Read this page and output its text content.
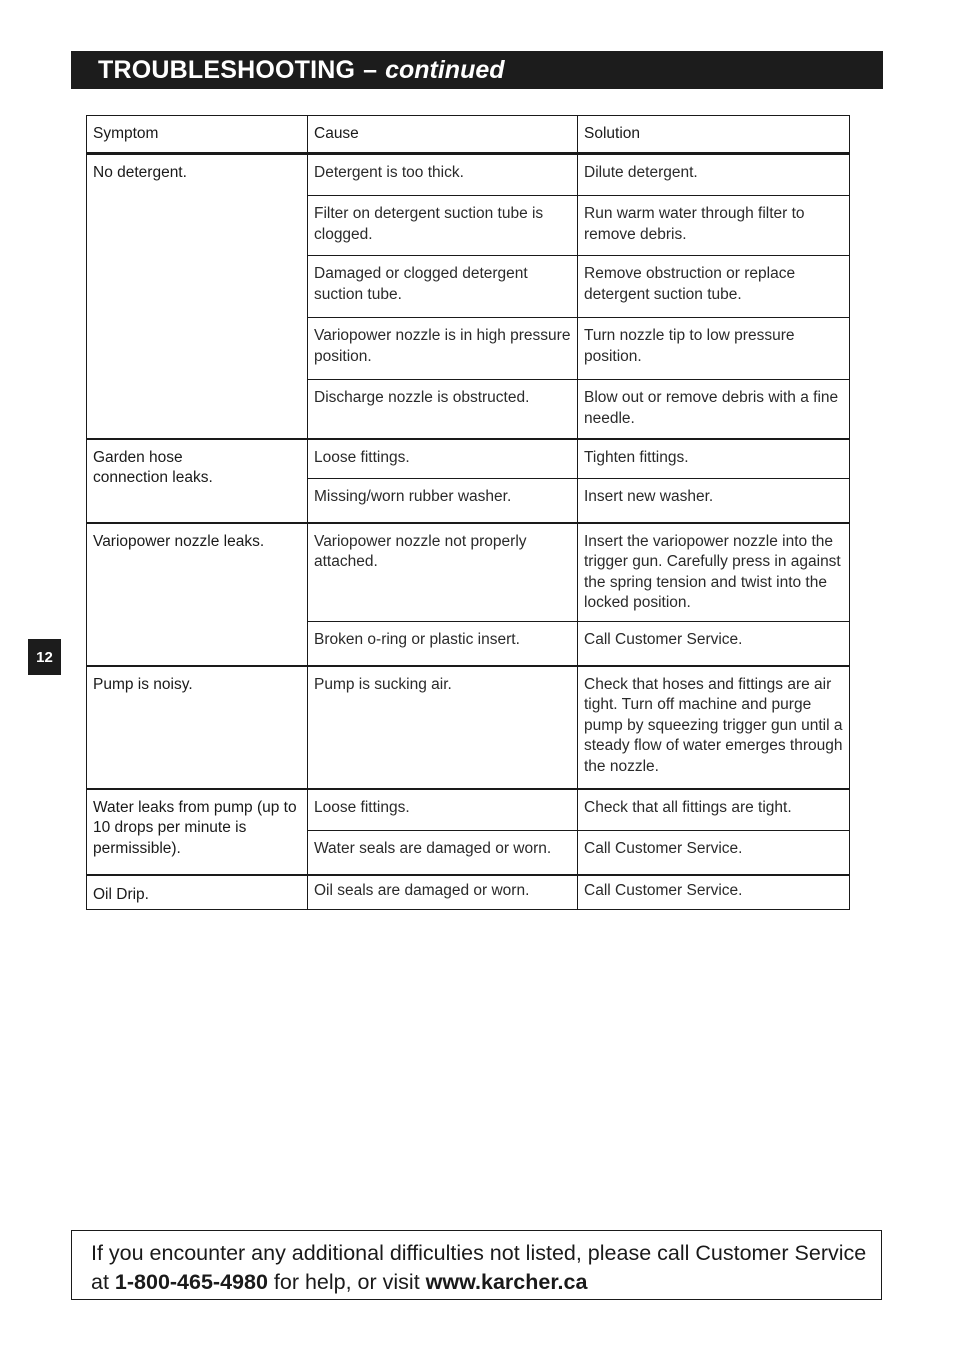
TROUBLESHOOTING – continued
Symptom	Cause	Solution
No detergent.	Detergent is too thick.	Dilute detergent.
	Filter on detergent suction tube is clogged.	Run warm water through filter to remove debris.
	Damaged or clogged detergent suction tube.	Remove obstruction or replace detergent suction tube.
	Variopower nozzle is in high pressure position.	Turn nozzle tip to low pressure position.
	Discharge nozzle is obstructed.	Blow out or remove debris with a fine needle.
Garden hose connection leaks.	Loose fittings.	Tighten fittings.
	Missing/worn rubber washer.	Insert new washer.
Variopower nozzle leaks.	Variopower nozzle not properly attached.	Insert the variopower nozzle into the trigger gun. Carefully press in against the spring tension and twist into the locked position.
	Broken o-ring or plastic insert.	Call Customer Service.
Pump is noisy.	Pump is sucking air.	Check that hoses and fittings are air tight. Turn off machine and purge pump by squeezing trigger gun until a steady flow of water emerges through the nozzle.
Water leaks from pump (up to 10 drops per minute is permissible).	Loose fittings.	Check that all fittings are tight.
	Water seals are damaged or worn.	Call Customer Service.
Oil Drip.	Oil seals are damaged or worn.	Call Customer Service.
12
If you encounter any additional difficulties not listed, please call Customer Service at 1-800-465-4980 for help, or visit www.karcher.ca
